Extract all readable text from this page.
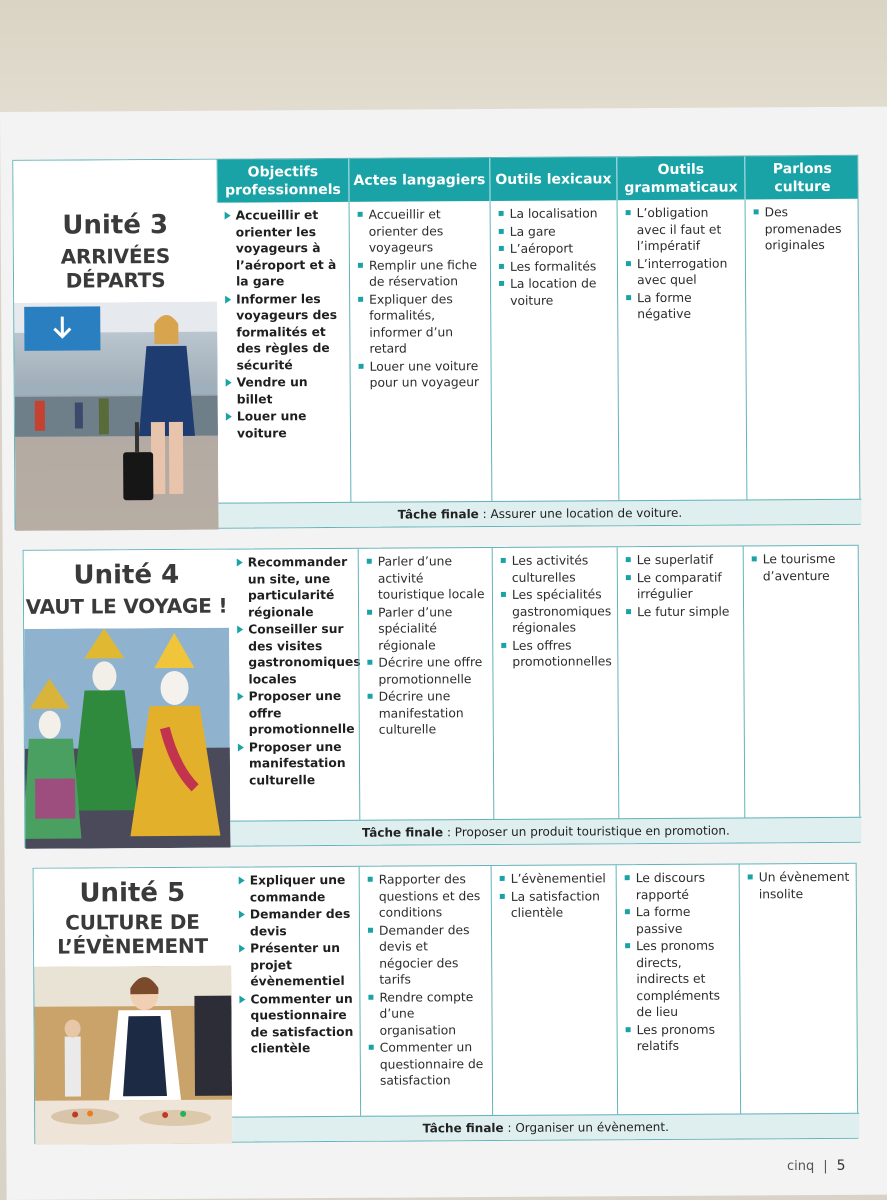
Unité 3
ARRIVÉES
DÉPARTS
Objectifs professionnels
Actes langagiers Outils lexicaux
Outils grammaticaux
Parlons culture
Accueillir et orienter les voyageurs à l’aéroport et à la gare
Informer les voyageurs des formalités et des règles de sécurité
Vendre un billet
Louer une voiture
Accueillir et orienter des voyageurs
Remplir une fiche de réservation
Expliquer des formalités, informer d’un retard
Louer une voiture pour un voyageur
La localisation
La gare
L’aéroport
Les formalités
La location de voiture
L’obligation avec il faut et l’impératif
L’interrogation avec quel
La forme négative
Des promenades originales
Tâche finale : Assurer une location de voiture.
Unité 4
VAUT LE VOYAGE !
Recommander un site, une particularité régionale
Conseiller sur des visites gastronomiques locales
Proposer une offre promotionnelle
Proposer une manifestation culturelle
Parler d’une activité touristique locale
Parler d’une spécialité régionale
Décrire une offre promotionnelle
Décrire une manifestation culturelle
Les activités culturelles
Les spécialités gastronomiques régionales
Les offres promotionnelles
Le superlatif
Le comparatif irrégulier
Le futur simple
Le tourisme d’aventure
Tâche finale : Proposer un produit touristique en promotion.
Unité 5
CULTURE DE
L’ÉVÈNEMENT
Expliquer une commande
Demander des devis
Présenter un projet évènementiel
Commenter un questionnaire de satisfaction clientèle
Rapporter des questions et des conditions
Demander des devis et négocier des tarifs
Rendre compte d’une organisation
Commenter un questionnaire de satisfaction
L’évènementiel
La satisfaction clientèle
Le discours rapporté
La forme passive
Les pronoms directs, indirects et compléments de lieu
Les pronoms relatifs
Un évènement insolite
Tâche finale : Organiser un évènement.
cinq | 5
